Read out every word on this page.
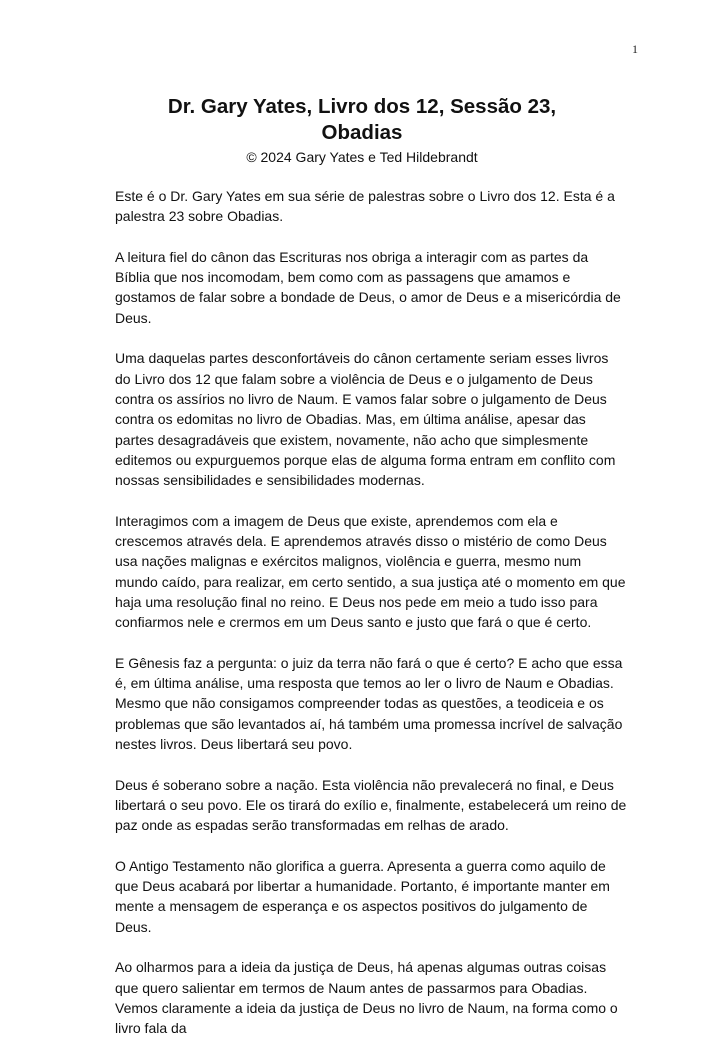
1
Dr. Gary Yates, Livro dos 12, Sessão 23,
Obadias
© 2024 Gary Yates e Ted Hildebrandt

Este é o Dr. Gary Yates em sua série de palestras sobre o Livro dos 12. Esta é a palestra 23 sobre Obadias.

A leitura fiel do cânon das Escrituras nos obriga a interagir com as partes da Bíblia que nos incomodam, bem como com as passagens que amamos e gostamos de falar sobre a bondade de Deus, o amor de Deus e a misericórdia de Deus.

Uma daquelas partes desconfortáveis do cânon certamente seriam esses livros do Livro dos 12 que falam sobre a violência de Deus e o julgamento de Deus contra os assírios no livro de Naum. E vamos falar sobre o julgamento de Deus contra os edomitas no livro de Obadias. Mas, em última análise, apesar das partes desagradáveis que existem, novamente, não acho que simplesmente editemos ou expurguemos porque elas de alguma forma entram em conflito com nossas sensibilidades e sensibilidades modernas.

Interagimos com a imagem de Deus que existe, aprendemos com ela e crescemos através dela. E aprendemos através disso o mistério de como Deus usa nações malignas e exércitos malignos, violência e guerra, mesmo num mundo caído, para realizar, em certo sentido, a sua justiça até o momento em que haja uma resolução final no reino. E Deus nos pede em meio a tudo isso para confiarmos nele e crermos em um Deus santo e justo que fará o que é certo.

E Gênesis faz a pergunta: o juiz da terra não fará o que é certo? E acho que essa é, em última análise, uma resposta que temos ao ler o livro de Naum e Obadias. Mesmo que não consigamos compreender todas as questões, a teodiceia e os problemas que são levantados aí, há também uma promessa incrível de salvação nestes livros. Deus libertará seu povo.

Deus é soberano sobre a nação. Esta violência não prevalecerá no final, e Deus libertará o seu povo. Ele os tirará do exílio e, finalmente, estabelecerá um reino de paz onde as espadas serão transformadas em relhas de arado.

O Antigo Testamento não glorifica a guerra. Apresenta a guerra como aquilo de que Deus acabará por libertar a humanidade. Portanto, é importante manter em mente a mensagem de esperança e os aspectos positivos do julgamento de Deus.

Ao olharmos para a ideia da justiça de Deus, há apenas algumas outras coisas que quero salientar em termos de Naum antes de passarmos para Obadias. Vemos claramente a ideia da justiça de Deus no livro de Naum, na forma como o livro fala da
